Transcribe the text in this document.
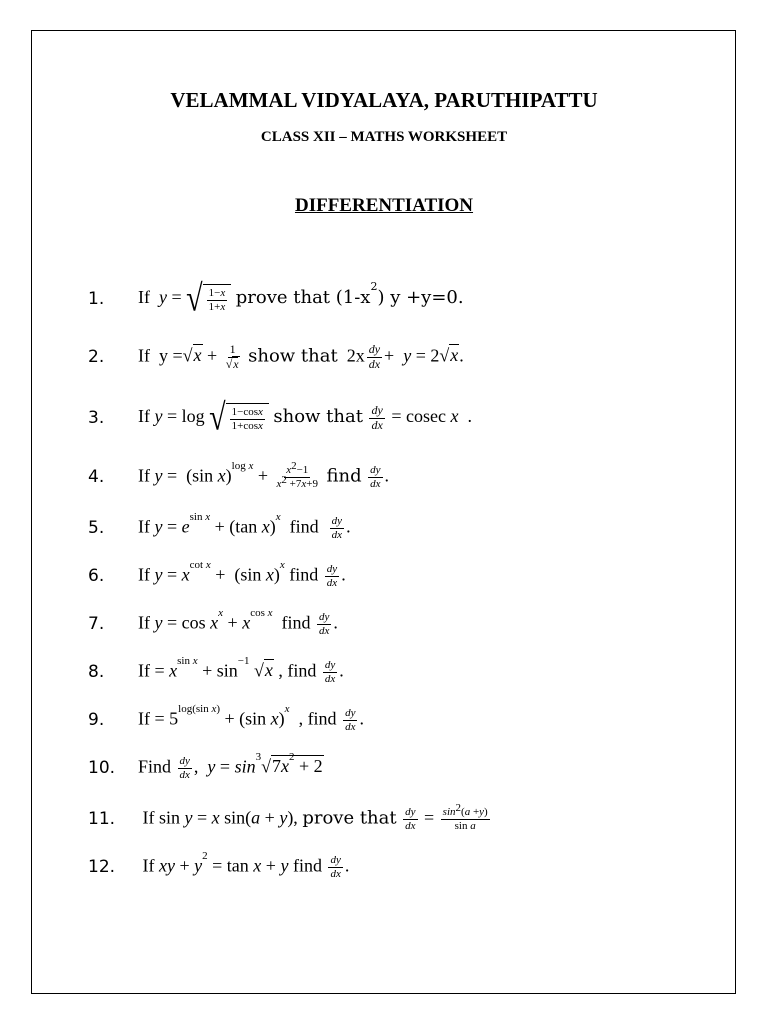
VELAMMAL VIDYALAYA, PARUTHIPATTU
CLASS XII – MATHS WORKSHEET
DIFFERENTIATION
1.	If  y = √ $\frac{1-x}{1+x}$ prove that $(1-x^2)$ y +y=0.
2.	If  $y =√x + \frac{1}{√x}$ show that  $2x \frac{dy}{dx} + y = 2√x$.
3.	If y = log √ $\frac{1-\cos x}{1+\cos x}$ show that $\frac{dy}{dx} = cosec$ x  .
4.	If y =  (sin $x)^{log x} + \frac{x^2-1}{x^2 +7x+9}$ find $\frac{dy}{dx}$ .
5.	If $y = e^{sin x} + (\tan$ x)$^x$  find $\frac{dy}{dx}$ .
6.	If $y = x^{cot x} + (\sin$ x)$^x$ find $\frac{dy}{dx}$ .
7.	If $y = \cos x^x + x^{cos x}$  find $\frac{dy}{dx}$ .
8.	$If = x^{sin x} + \sin^{-1} √x$ , find $\frac{dy}{dx}$ .
9.	$If = 5^{log(sin x)} + (\sin$ x)$^x$  , find $\frac{dy}{dx}$ .
10.	Find $\frac{dy}{dx}$ ,  $y = \sin^3√7x^2 + 2$
11.	If sin y = x sin(a + y), prove that $\frac{dy}{dx} = \frac{\sin^2(a +y)}{\text{sin a}}$
12.	If xy + $y^2 = \tan x + y$ find $\frac{dy}{dx}$ .
